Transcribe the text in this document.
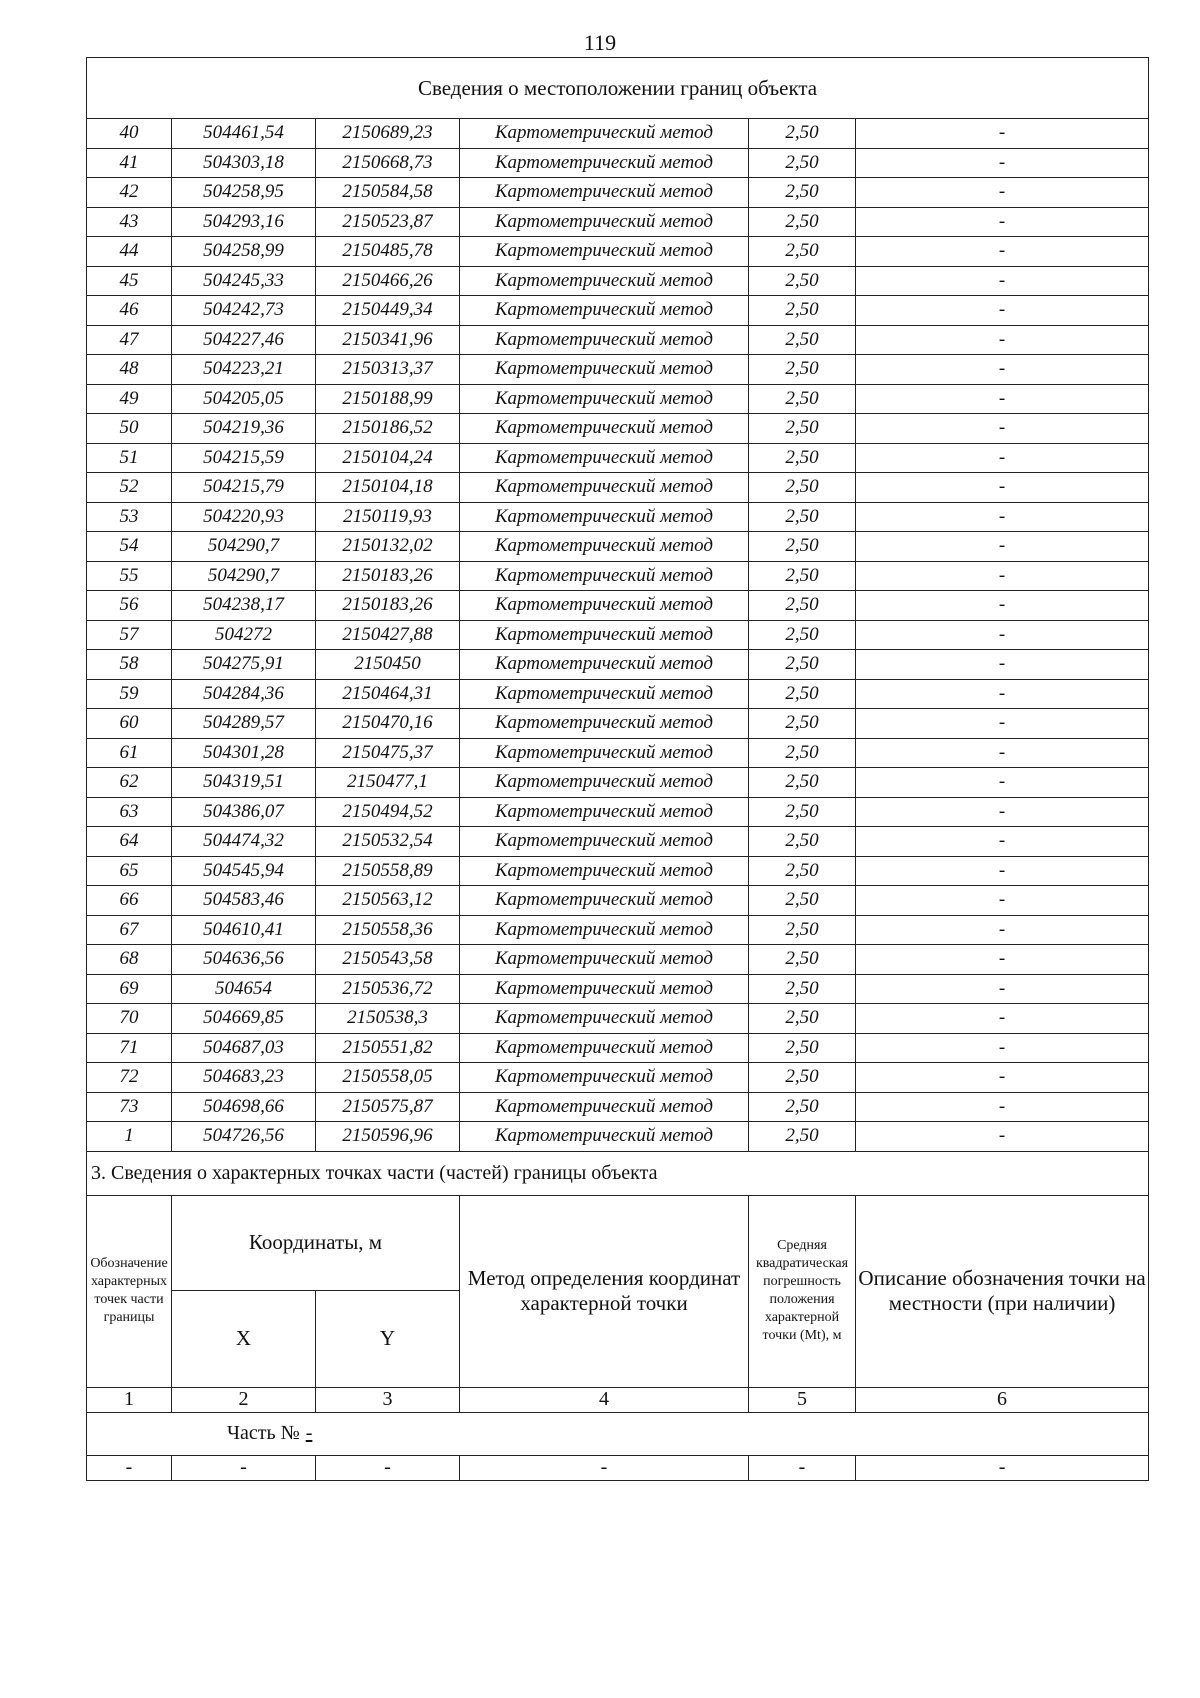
119
Сведения о местоположении границ объекта					
40	504461,54	2150689,23	Картометрический метод	2,50	-
41	504303,18	2150668,73	Картометрический метод	2,50	-
42	504258,95	2150584,58	Картометрический метод	2,50	-
43	504293,16	2150523,87	Картометрический метод	2,50	-
44	504258,99	2150485,78	Картометрический метод	2,50	-
45	504245,33	2150466,26	Картометрический метод	2,50	-
46	504242,73	2150449,34	Картометрический метод	2,50	-
47	504227,46	2150341,96	Картометрический метод	2,50	-
48	504223,21	2150313,37	Картометрический метод	2,50	-
49	504205,05	2150188,99	Картометрический метод	2,50	-
50	504219,36	2150186,52	Картометрический метод	2,50	-
51	504215,59	2150104,24	Картометрический метод	2,50	-
52	504215,79	2150104,18	Картометрический метод	2,50	-
53	504220,93	2150119,93	Картометрический метод	2,50	-
54	504290,7	2150132,02	Картометрический метод	2,50	-
55	504290,7	2150183,26	Картометрический метод	2,50	-
56	504238,17	2150183,26	Картометрический метод	2,50	-
57	504272	2150427,88	Картометрический метод	2,50	-
58	504275,91	2150450	Картометрический метод	2,50	-
59	504284,36	2150464,31	Картометрический метод	2,50	-
60	504289,57	2150470,16	Картометрический метод	2,50	-
61	504301,28	2150475,37	Картометрический метод	2,50	-
62	504319,51	2150477,1	Картометрический метод	2,50	-
63	504386,07	2150494,52	Картометрический метод	2,50	-
64	504474,32	2150532,54	Картометрический метод	2,50	-
65	504545,94	2150558,89	Картометрический метод	2,50	-
66	504583,46	2150563,12	Картометрический метод	2,50	-
67	504610,41	2150558,36	Картометрический метод	2,50	-
68	504636,56	2150543,58	Картометрический метод	2,50	-
69	504654	2150536,72	Картометрический метод	2,50	-
70	504669,85	2150538,3	Картометрический метод	2,50	-
71	504687,03	2150551,82	Картометрический метод	2,50	-
72	504683,23	2150558,05	Картометрический метод	2,50	-
73	504698,66	2150575,87	Картометрический метод	2,50	-
1	504726,56	2150596,96	Картометрический метод	2,50	-
3. Сведения о характерных точках части (частей) границы объекта					
Обозначение характерных точек части границы	Координаты, м		Метод определения координат характерной точки	Средняя квадратическая погрешность положения характерной точки (Mt), м	Описание обозначения точки на местности (при наличии)
	X	Y			
1	2	3	4	5	6
Часть № -					
-	-	-	-	-	-
